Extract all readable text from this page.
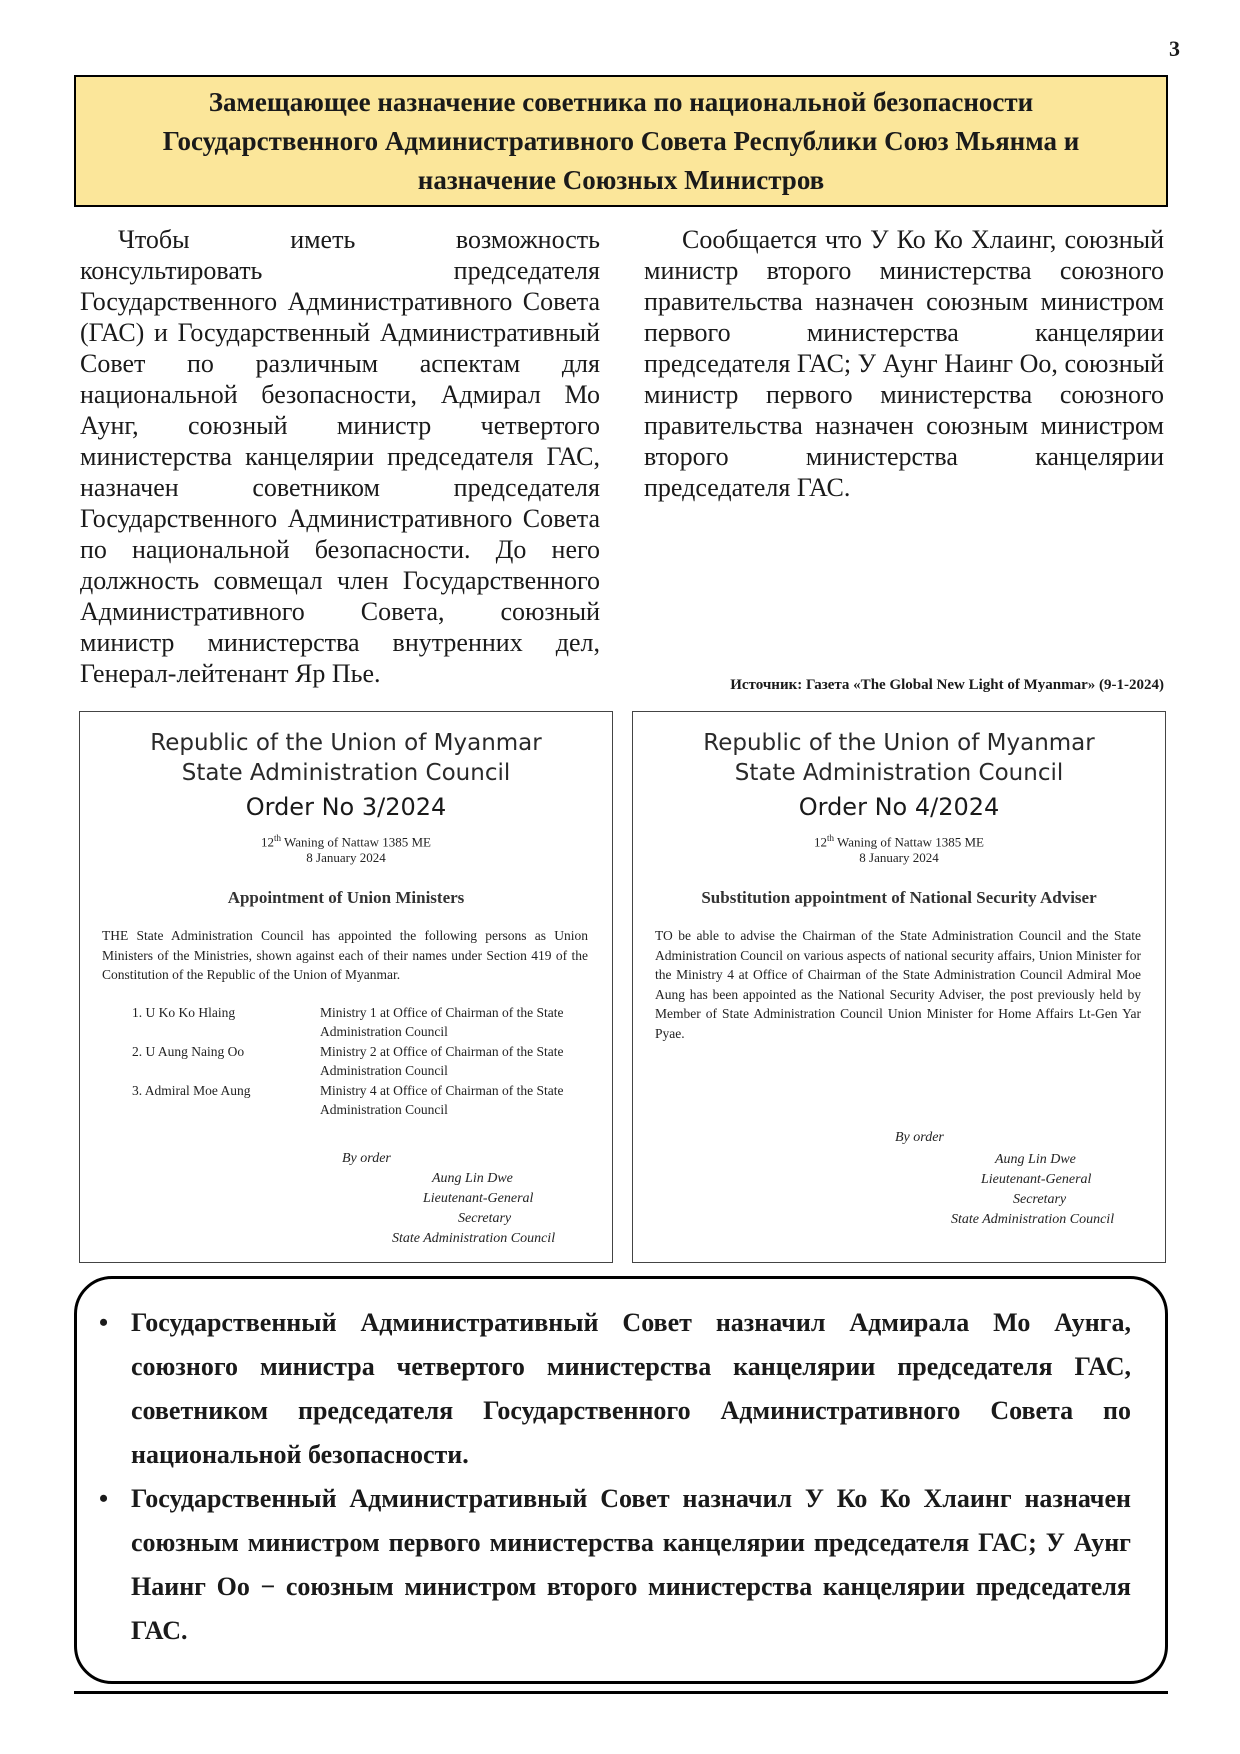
3
Замещающее назначение советника по национальной безопасности Государственного Административного Совета Республики Союз Мьянма и назначение Союзных Министров

Чтобы иметь возможность консультировать председателя Государственного Административного Совета (ГАС) и Государственный Административный Совет по различным аспектам для национальной безопасности, Адмирал Мо Аунг, союзный министр четвертого министерства канцелярии председателя ГАС, назначен советником председателя Государственного Административного Совета по национальной безопасности. До него должность совмещал член Государственного Административного Совета, союзный министр министерства внутренних дел, Генерал-лейтенант Яр Пье.

Сообщается что У Ко Ко Хлаинг, союзный министр второго министерства союзного правительства назначен союзным министром первого министерства канцелярии председателя ГАС; У Аунг Наинг Оо, союзный министр первого министерства союзного правительства назначен союзным министром второго министерства канцелярии председателя ГАС.

Источник: Газета «The Global New Light of Myanmar» (9-1-2024)
Republic of the Union of Myanmar
State Administration Council
Order No 3/2024
12th Waning of Nattaw 1385 ME
8 January 2024
Appointment of Union Ministers
THE State Administration Council has appointed the following persons as Union Ministers of the Ministries, shown against each of their names under Section 419 of the Constitution of the Republic of the Union of Myanmar.
1. U Ko Ko Hlaing	Ministry 1 at Office of Chairman of the State Administration Council
2. U Aung Naing Oo	Ministry 2 at Office of Chairman of the State Administration Council
3. Admiral Moe Aung	Ministry 4 at Office of Chairman of the State Administration Council
By order
Aung Lin Dwe
Lieutenant-General
Secretary
State Administration Council
Republic of the Union of Myanmar
State Administration Council
Order No 4/2024
12th Waning of Nattaw 1385 ME
8 January 2024
Substitution appointment of National Security Adviser
TO be able to advise the Chairman of the State Administration Council and the State Administration Council on various aspects of national security affairs, Union Minister for the Ministry 4 at Office of Chairman of the State Administration Council Admiral Moe Aung has been appointed as the National Security Adviser, the post previously held by Member of State Administration Council Union Minister for Home Affairs Lt-Gen Yar Pyae.
By order
Aung Lin Dwe
Lieutenant-General
Secretary
State Administration Council
• Государственный Административный Совет назначил Адмирала Мо Аунга, союзного министра четвертого министерства канцелярии председателя ГАС, советником председателя Государственного Административного Совета по национальной безопасности.
• Государственный Административный Совет назначил У Ко Ко Хлаинг назначен союзным министром первого министерства канцелярии председателя ГАС; У Аунг Наинг Оо − союзным министром второго министерства канцелярии председателя ГАС.
